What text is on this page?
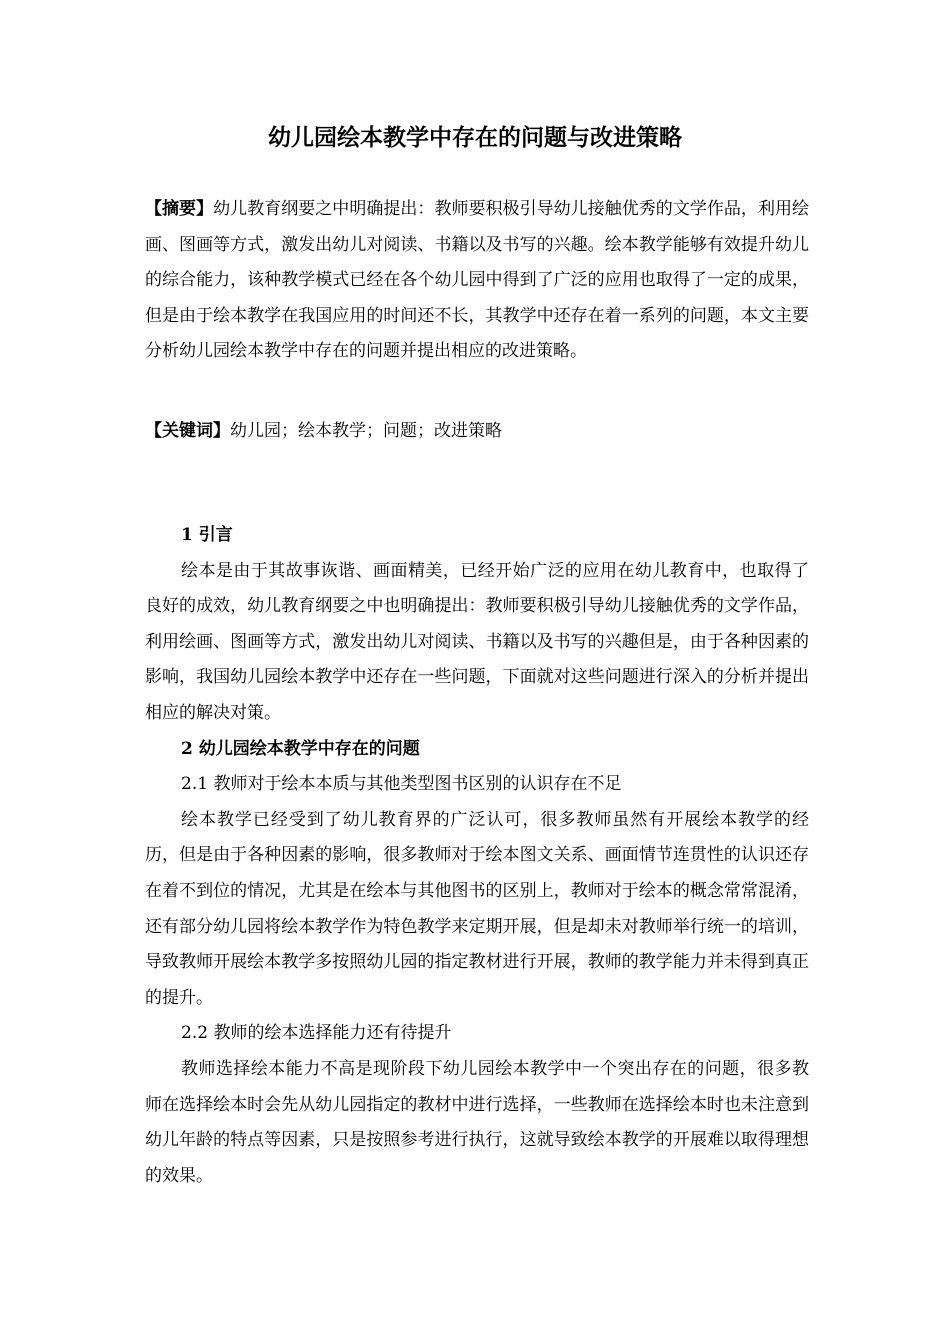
幼儿园绘本教学中存在的问题与改进策略
【摘要】幼儿教育纲要之中明确提出：教师要积极引导幼儿接触优秀的文学作品，利用绘画、图画等方式，激发出幼儿对阅读、书籍以及书写的兴趣。绘本教学能够有效提升幼儿的综合能力，该种教学模式已经在各个幼儿园中得到了广泛的应用也取得了一定的成果，但是由于绘本教学在我国应用的时间还不长，其教学中还存在着一系列的问题，本文主要分析幼儿园绘本教学中存在的问题并提出相应的改进策略。
【关键词】幼儿园；绘本教学；问题；改进策略

1 引言

绘本是由于其故事诙谐、画面精美，已经开始广泛的应用在幼儿教育中，也取得了良好的成效，幼儿教育纲要之中也明确提出：教师要积极引导幼儿接触优秀的文学作品，利用绘画、图画等方式，激发出幼儿对阅读、书籍以及书写的兴趣但是，由于各种因素的影响，我国幼儿园绘本教学中还存在一些问题，下面就对这些问题进行深入的分析并提出相应的解决对策。

2 幼儿园绘本教学中存在的问题

2.1 教师对于绘本本质与其他类型图书区别的认识存在不足

绘本教学已经受到了幼儿教育界的广泛认可，很多教师虽然有开展绘本教学的经历，但是由于各种因素的影响，很多教师对于绘本图文关系、画面情节连贯性的认识还存在着不到位的情况，尤其是在绘本与其他图书的区别上，教师对于绘本的概念常常混淆，还有部分幼儿园将绘本教学作为特色教学来定期开展，但是却未对教师举行统一的培训，导致教师开展绘本教学多按照幼儿园的指定教材进行开展，教师的教学能力并未得到真正的提升。

2.2 教师的绘本选择能力还有待提升

教师选择绘本能力不高是现阶段下幼儿园绘本教学中一个突出存在的问题，很多教师在选择绘本时会先从幼儿园指定的教材中进行选择，一些教师在选择绘本时也未注意到幼儿年龄的特点等因素，只是按照参考进行执行，这就导致绘本教学的开展难以取得理想的效果。
